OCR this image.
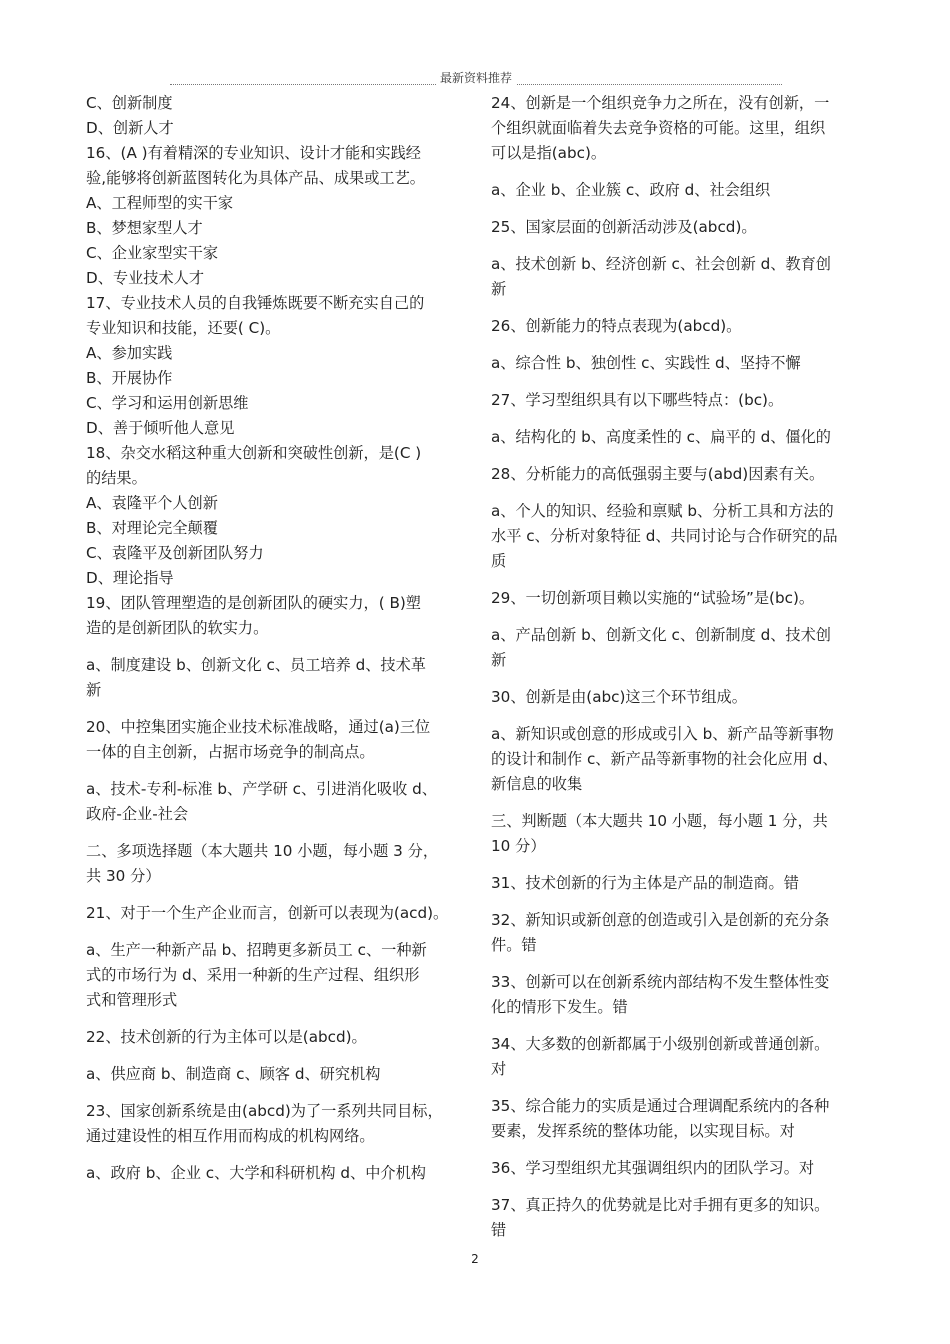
最新资料推荐
C、创新制度
D、创新人才
16、(A )有着精深的专业知识、设计才能和实践经
验,能够将创新蓝图转化为具体产品、成果或工艺。
A、工程师型的实干家
B、梦想家型人才
C、企业家型实干家
D、专业技术人才
17、专业技术人员的自我锤炼既要不断充实自己的
专业知识和技能，还要( C)。
A、参加实践
B、开展协作
C、学习和运用创新思维
D、善于倾听他人意见
18、杂交水稻这种重大创新和突破性创新，是(C )
的结果。
A、袁隆平个人创新
B、对理论完全颠覆
C、袁隆平及创新团队努力
D、理论指导
19、团队管理塑造的是创新团队的硬实力，( B)塑
造的是创新团队的软实力。
a、制度建设 b、创新文化 c、员工培养 d、技术革
新
20、中控集团实施企业技术标准战略，通过(a)三位
一体的自主创新，占据市场竞争的制高点。
a、技术-专利-标准 b、产学研 c、引进消化吸收 d、
政府-企业-社会
二、多项选择题（本大题共 10 小题，每小题 3 分，
共 30 分）
21、对于一个生产企业而言，创新可以表现为(acd)。
a、生产一种新产品 b、招聘更多新员工 c、一种新
式的市场行为 d、采用一种新的生产过程、组织形
式和管理形式
22、技术创新的行为主体可以是(abcd)。
a、供应商 b、制造商 c、顾客 d、研究机构
23、国家创新系统是由(abcd)为了一系列共同目标，
通过建设性的相互作用而构成的机构网络。
a、政府 b、企业 c、大学和科研机构 d、中介机构
24、创新是一个组织竞争力之所在，没有创新，一
个组织就面临着失去竞争资格的可能。这里，组织
可以是指(abc)。
a、企业 b、企业簇 c、政府 d、社会组织
25、国家层面的创新活动涉及(abcd)。
a、技术创新 b、经济创新 c、社会创新 d、教育创
新
26、创新能力的特点表现为(abcd)。
a、综合性 b、独创性 c、实践性 d、坚持不懈
27、学习型组织具有以下哪些特点：(bc)。
a、结构化的 b、高度柔性的 c、扁平的 d、僵化的
28、分析能力的高低强弱主要与(abd)因素有关。
a、个人的知识、经验和禀赋 b、分析工具和方法的
水平 c、分析对象特征 d、共同讨论与合作研究的品
质
29、一切创新项目赖以实施的“试验场”是(bc)。
a、产品创新 b、创新文化 c、创新制度 d、技术创
新
30、创新是由(abc)这三个环节组成。
a、新知识或创意的形成或引入 b、新产品等新事物
的设计和制作 c、新产品等新事物的社会化应用 d、
新信息的收集
三、判断题（本大题共 10 小题，每小题 1 分，共
10 分）
31、技术创新的行为主体是产品的制造商。错
32、新知识或新创意的创造或引入是创新的充分条
件。错
33、创新可以在创新系统内部结构不发生整体性变
化的情形下发生。错
34、大多数的创新都属于小级别创新或普通创新。
对
35、综合能力的实质是通过合理调配系统内的各种
要素，发挥系统的整体功能，以实现目标。对
36、学习型组织尤其强调组织内的团队学习。对
37、真正持久的优势就是比对手拥有更多的知识。
错
2
